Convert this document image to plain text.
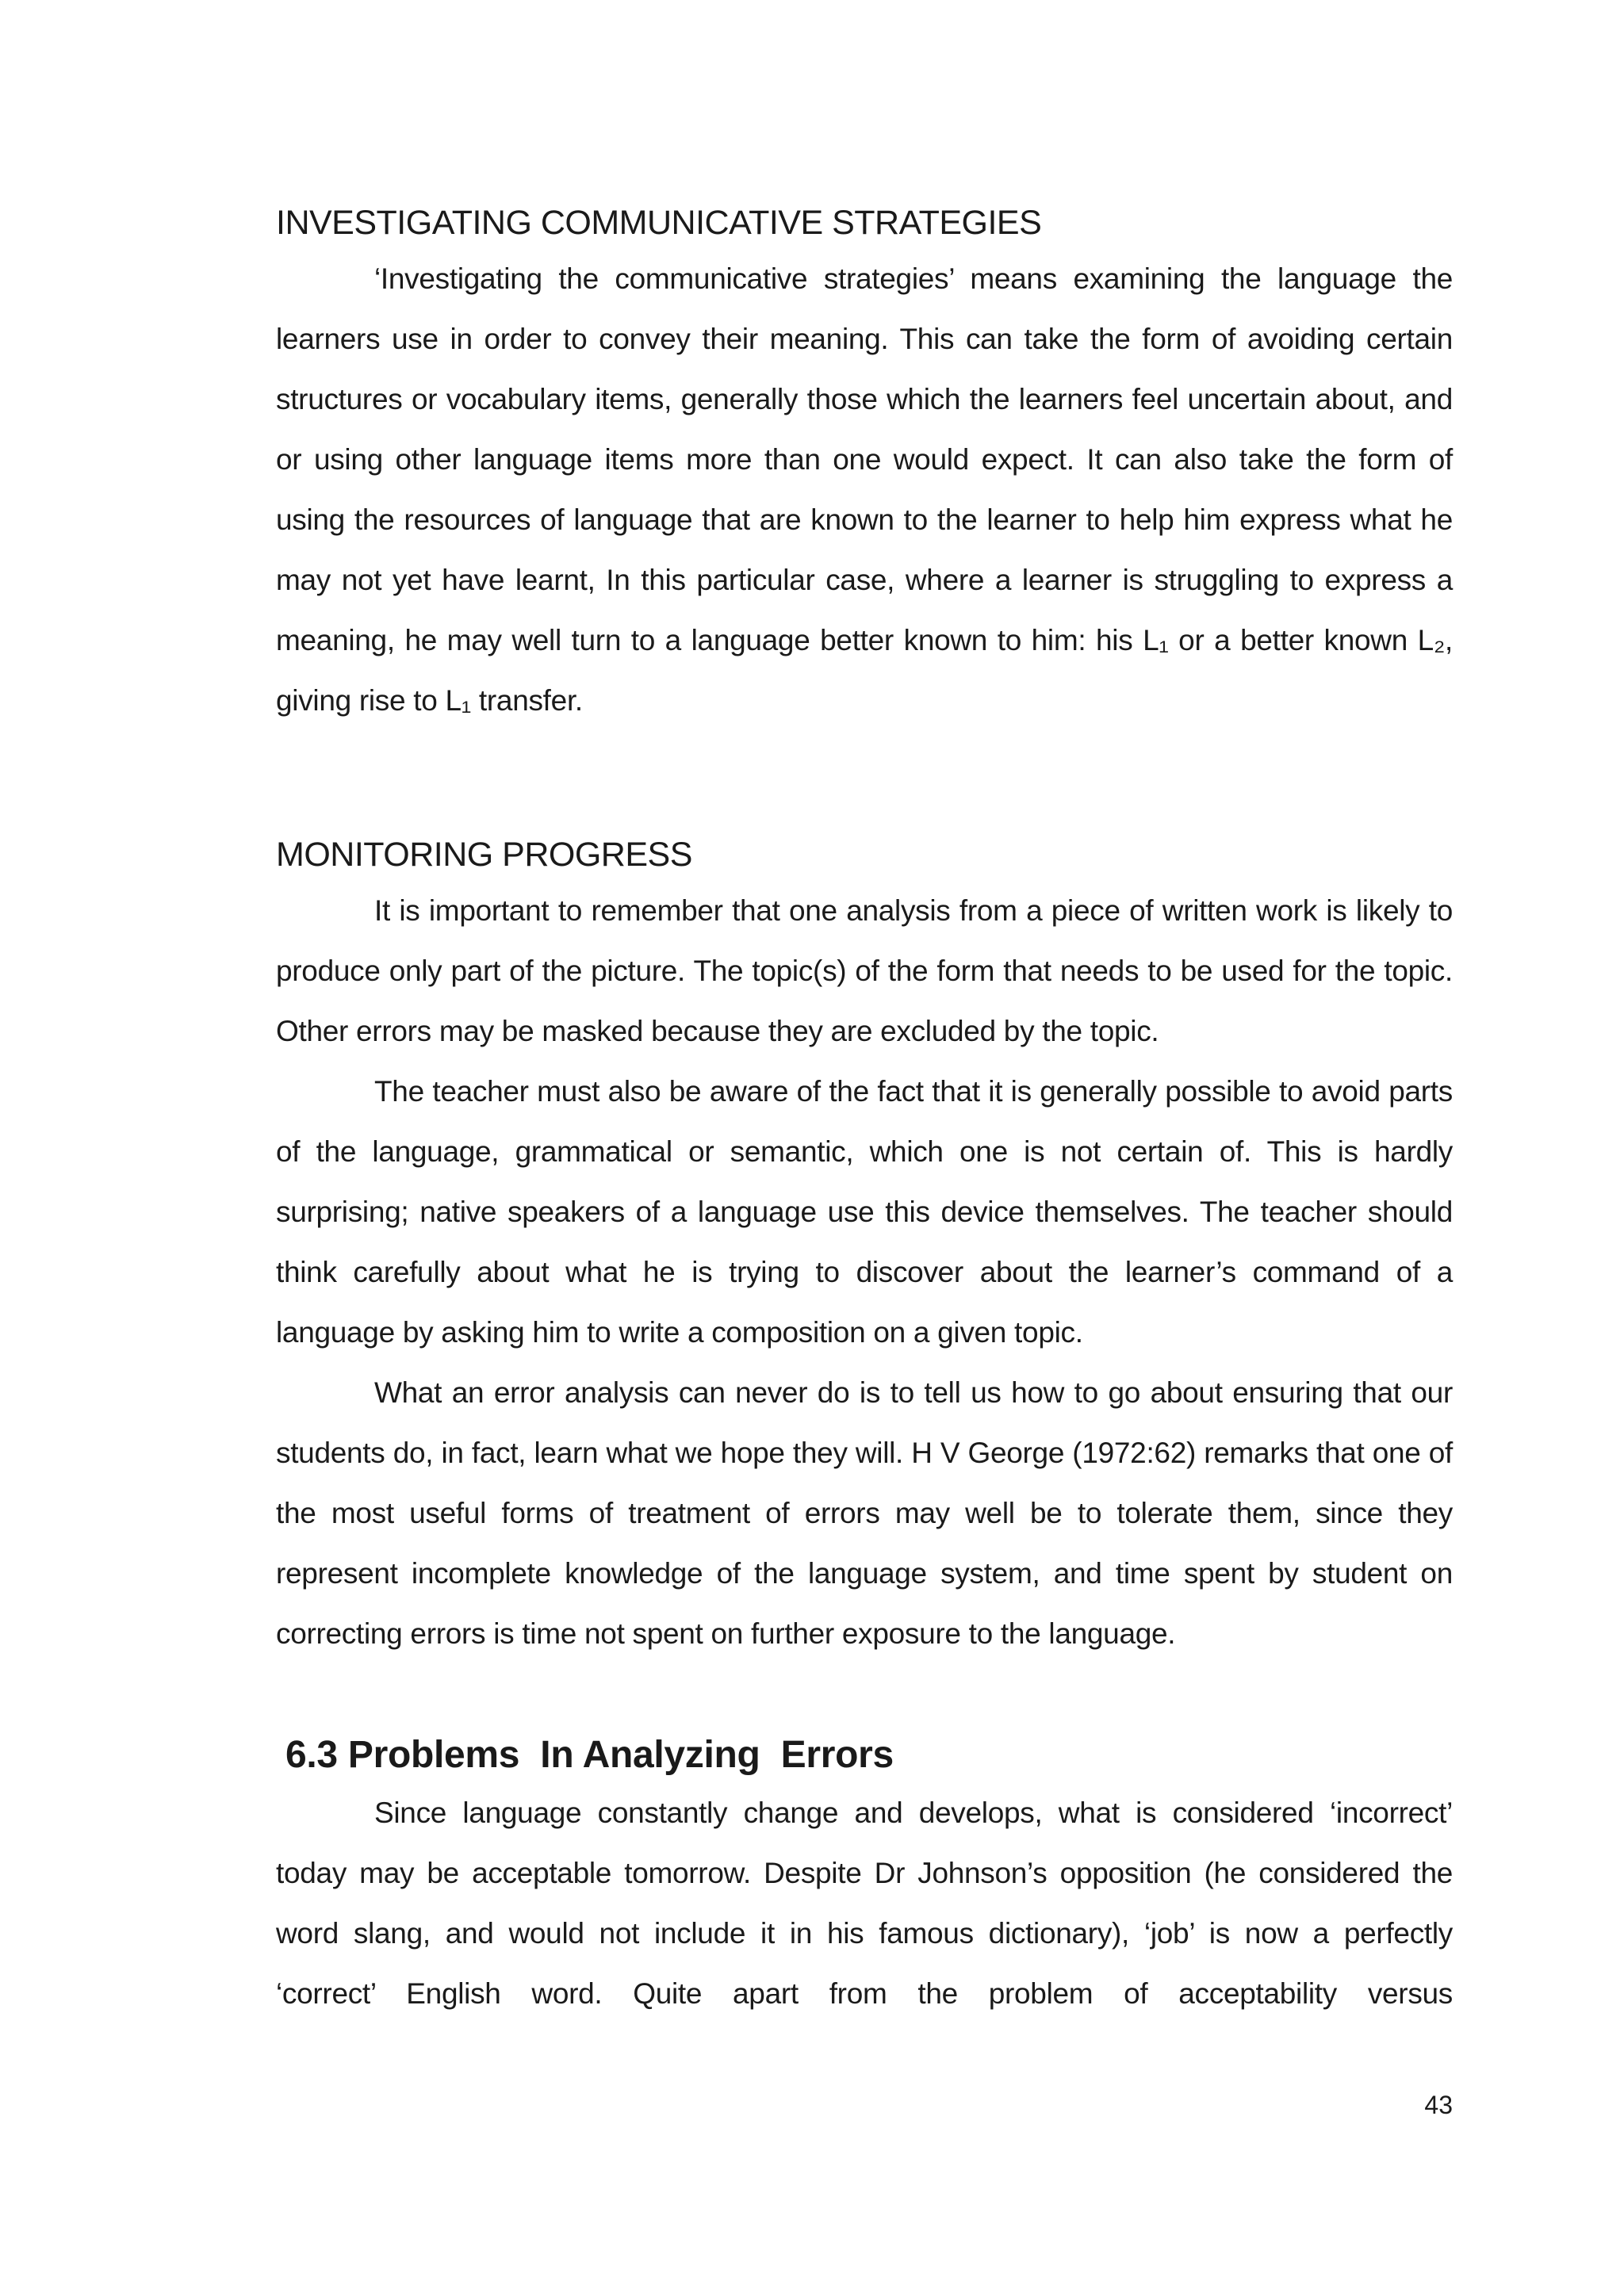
INVESTIGATING COMMUNICATIVE STRATEGIES

‘Investigating the communicative strategies’ means examining the language the learners use in order to convey their meaning. This can take the form of avoiding certain structures or vocabulary items, generally those which the learners feel uncertain about, and or using other language items more than one would expect. It can also take the form of using the resources of language that are known to the learner to help him express what he may not yet have learnt, In this particular case, where a learner is struggling to express a meaning, he may well turn to a language better known to him: his L₁ or a better known L₂, giving rise to L₁ transfer.

MONITORING PROGRESS

It is important to remember that one analysis from a piece of written work is likely to produce only part of the picture. The topic(s) of the form that needs to be used for the topic. Other errors may be masked because they are excluded by the topic.

The teacher must also be aware of the fact that it is generally possible to avoid parts of the language, grammatical or semantic, which one is not certain of. This is hardly surprising; native speakers of a language use this device themselves. The teacher should think carefully about what he is trying to discover about the learner’s command of a language by asking him to write a composition on a given topic.

What an error analysis can never do is to tell us how to go about ensuring that our students do, in fact, learn what we hope they will. H V George (1972:62) remarks that one of the most useful forms of treatment of errors may well be to tolerate them, since they represent incomplete knowledge of the language system, and time spent by student on correcting errors is time not spent on further exposure to the language.

6.3 Problems  In Analyzing  Errors

Since language constantly change and develops, what is considered ‘incorrect’ today may be acceptable tomorrow. Despite Dr Johnson’s opposition (he considered the word slang, and would not include it in his famous dictionary), ‘job’ is now a perfectly ‘correct’ English word. Quite apart from the problem of acceptability versus

43
